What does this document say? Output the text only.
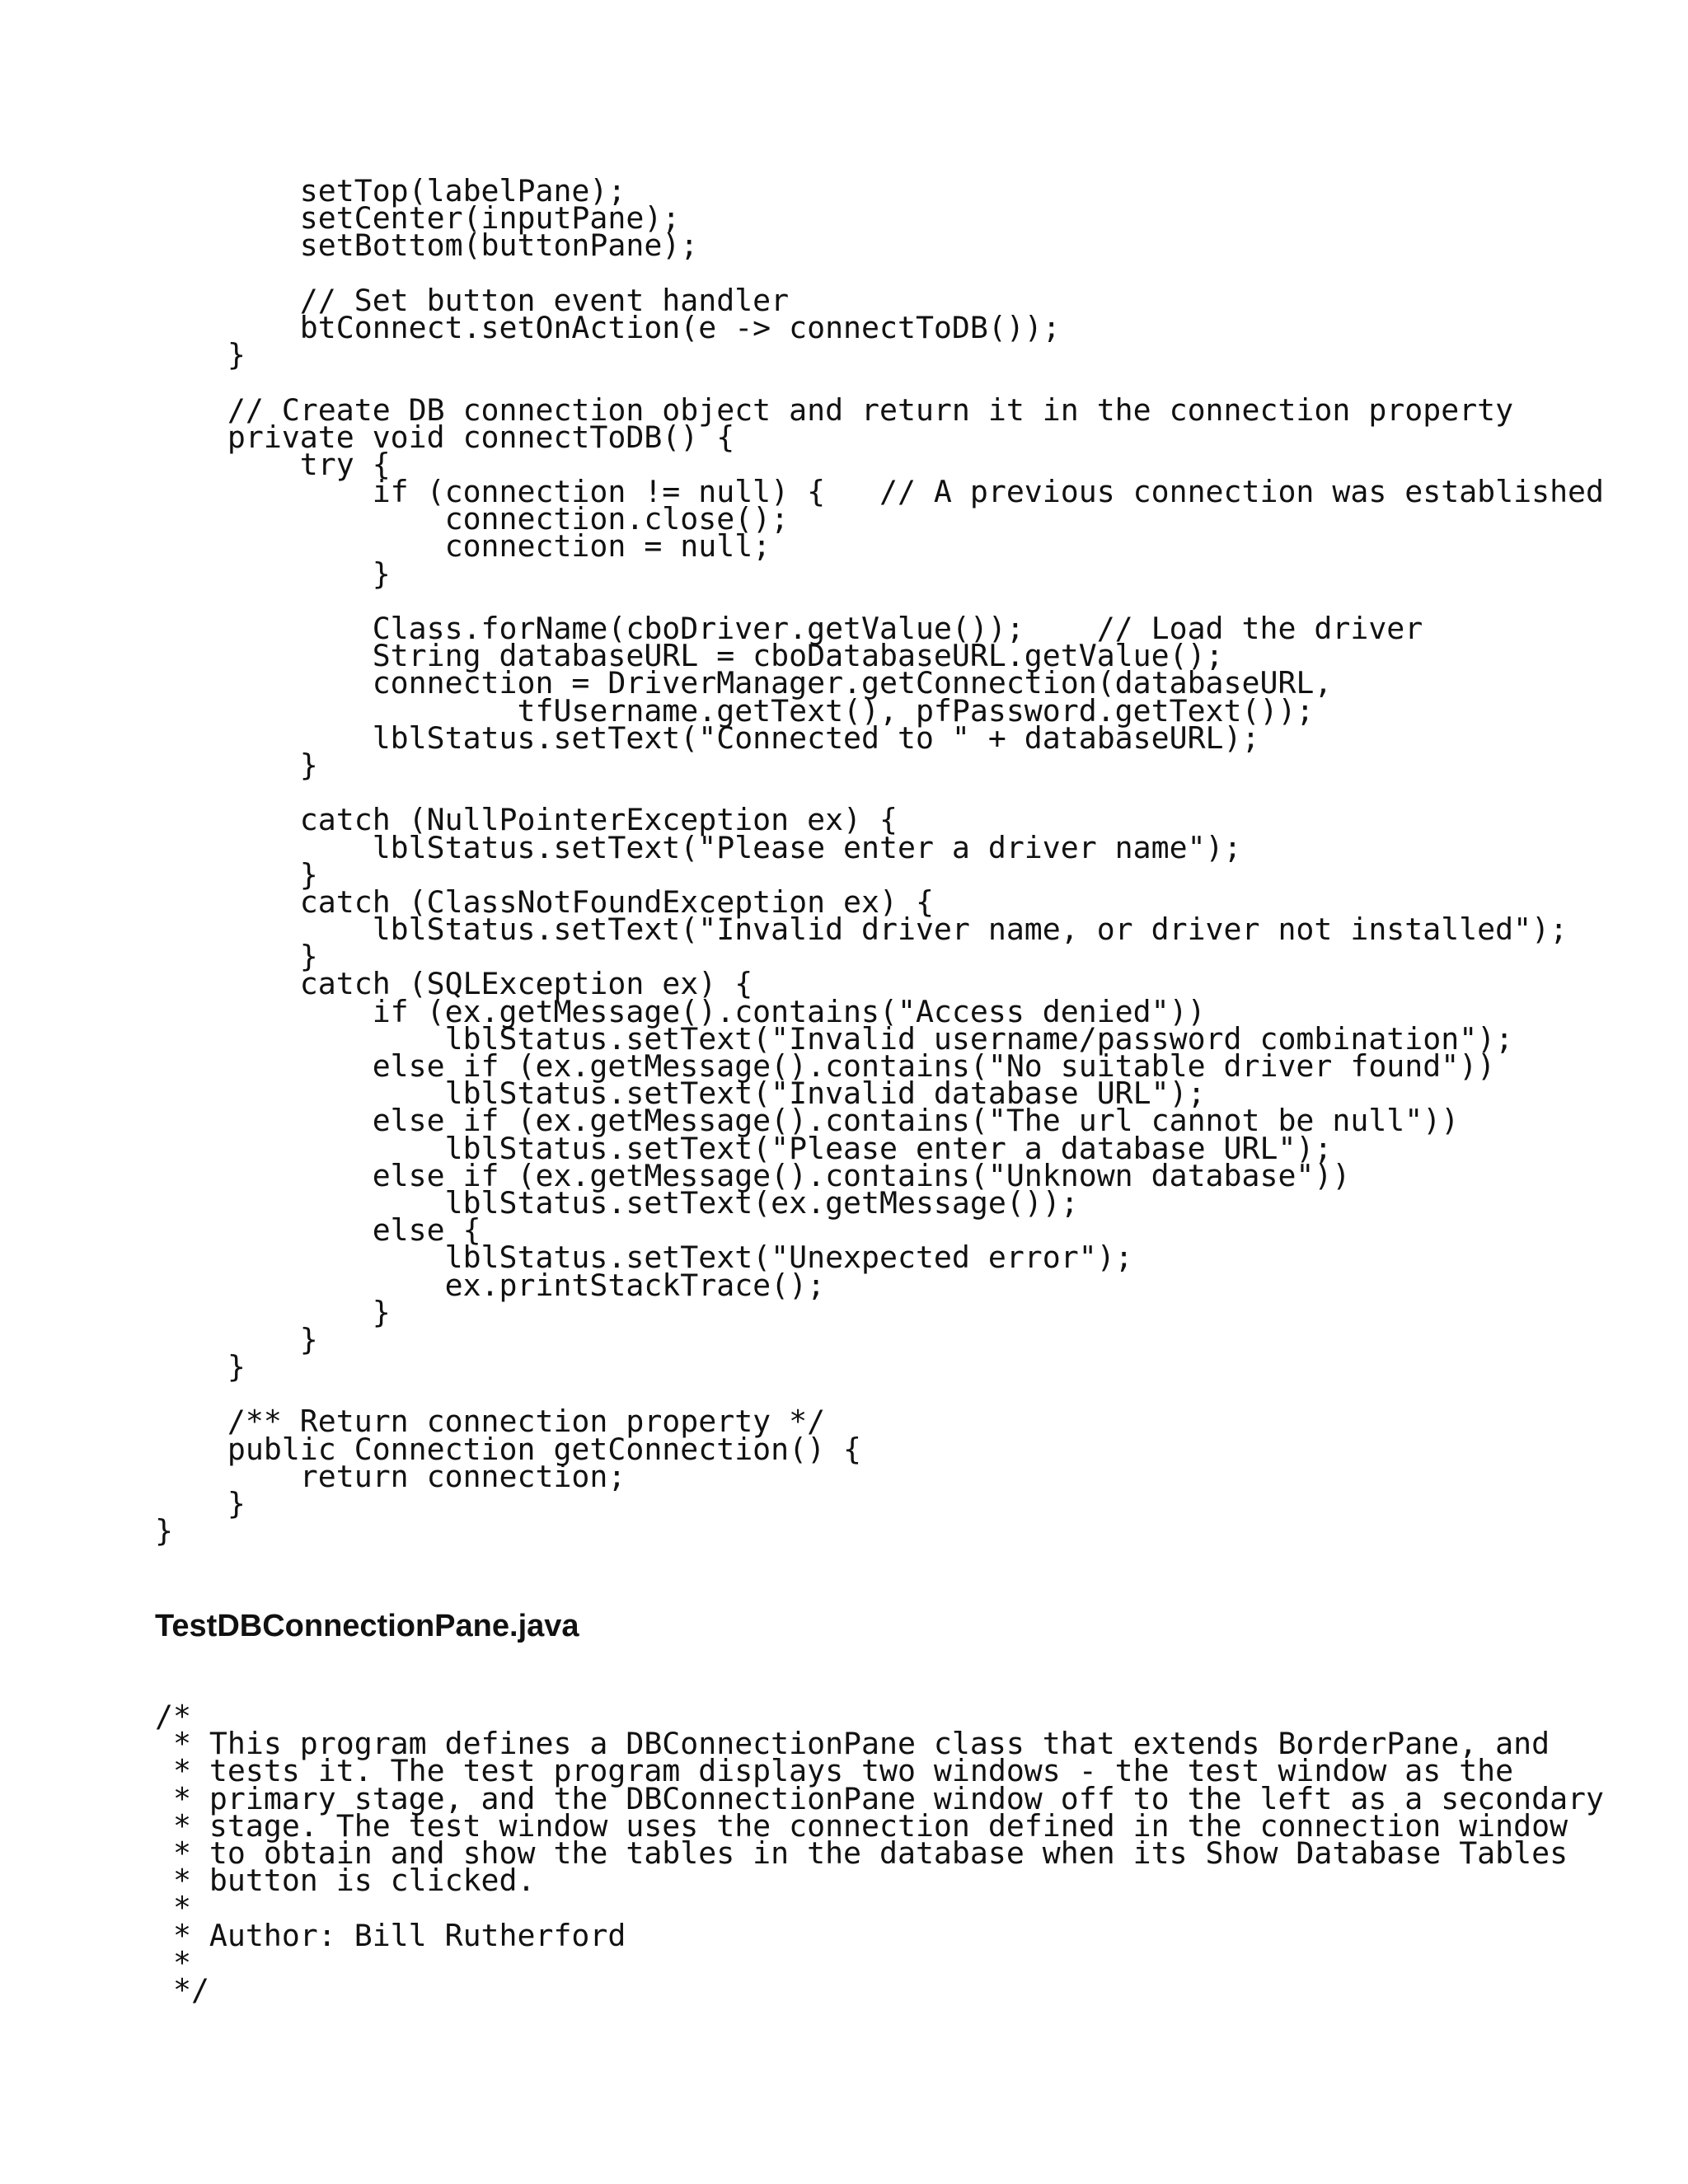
setTop(labelPane);
setCenter(inputPane);
setBottom(buttonPane);
// Set button event handler
btConnect.setOnAction(e -> connectToDB());
}
// Create DB connection object and return it in the connection property
private void connectToDB() {
try {
if (connection != null) {   // A previous connection was established
connection.close();
connection = null;
}
Class.forName(cboDriver.getValue());    // Load the driver
String databaseURL = cboDatabaseURL.getValue();
connection = DriverManager.getConnection(databaseURL,
tfUsername.getText(), pfPassword.getText());
lblStatus.setText("Connected to " + databaseURL);
}
catch (NullPointerException ex) {
lblStatus.setText("Please enter a driver name");
}
catch (ClassNotFoundException ex) {
lblStatus.setText("Invalid driver name, or driver not installed");
}
catch (SQLException ex) {
if (ex.getMessage().contains("Access denied"))
lblStatus.setText("Invalid username/password combination");
else if (ex.getMessage().contains("No suitable driver found"))
lblStatus.setText("Invalid database URL");
else if (ex.getMessage().contains("The url cannot be null"))
lblStatus.setText("Please enter a database URL");
else if (ex.getMessage().contains("Unknown database"))
lblStatus.setText(ex.getMessage());
else {
lblStatus.setText("Unexpected error");
ex.printStackTrace();
}
}
}
/** Return connection property */
public Connection getConnection() {
return connection;
}
}
TestDBConnectionPane.java
/*
* This program defines a DBConnectionPane class that extends BorderPane, and
* tests it. The test program displays two windows - the test window as the
* primary stage, and the DBConnectionPane window off to the left as a secondary
* stage. The test window uses the connection defined in the connection window
* to obtain and show the tables in the database when its Show Database Tables
* button is clicked.
*
* Author: Bill Rutherford
*
*/
